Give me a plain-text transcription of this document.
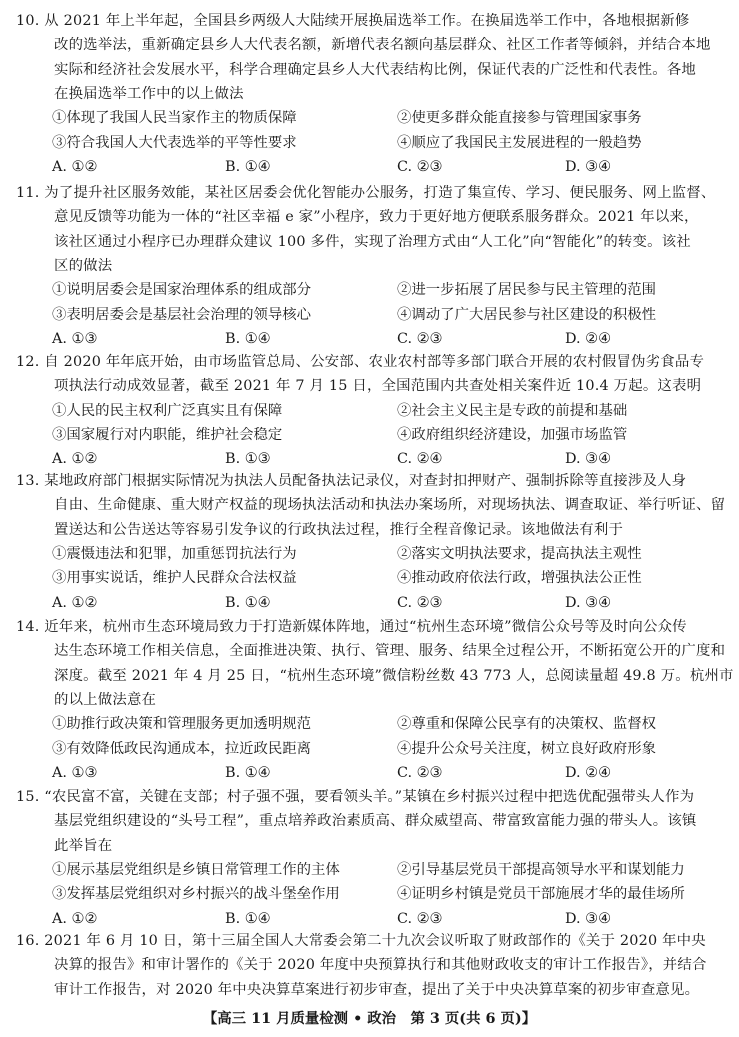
10. 从 2021 年上半年起，全国县乡两级人大陆续开展换届选举工作。在换届选举工作中，各地根据新修
改的选举法，重新确定县乡人大代表名额，新增代表名额向基层群众、社区工作者等倾斜，并结合本地
实际和经济社会发展水平，科学合理确定县乡人大代表结构比例，保证代表的广泛性和代表性。各地
在换届选举工作中的以上做法
①体现了我国人民当家作主的物质保障	②使更多群众能直接参与管理国家事务
③符合我国人大代表选举的平等性要求	④顺应了我国民主发展进程的一般趋势
A. ①②	B. ①④	C. ②③	D. ③④
11. 为了提升社区服务效能，某社区居委会优化智能办公服务，打造了集宣传、学习、便民服务、网上监督、
意见反馈等功能为一体的“社区幸福 e 家”小程序，致力于更好地方便联系服务群众。2021 年以来，
该社区通过小程序已办理群众建议 100 多件，实现了治理方式由“人工化”向“智能化”的转变。该社
区的做法
①说明居委会是国家治理体系的组成部分	②进一步拓展了居民参与民主管理的范围
③表明居委会是基层社会治理的领导核心	④调动了广大居民参与社区建设的积极性
A. ①③	B. ①④	C. ②③	D. ②④
12. 自 2020 年年底开始，由市场监管总局、公安部、农业农村部等多部门联合开展的农村假冒伪劣食品专
项执法行动成效显著，截至 2021 年 7 月 15 日，全国范围内共查处相关案件近 10.4 万起。这表明
①人民的民主权利广泛真实且有保障	②社会主义民主是专政的前提和基础
③国家履行对内职能，维护社会稳定	④政府组织经济建设，加强市场监管
A. ①②	B. ①③	C. ②④	D. ③④
13. 某地政府部门根据实际情况为执法人员配备执法记录仪，对查封扣押财产、强制拆除等直接涉及人身
自由、生命健康、重大财产权益的现场执法活动和执法办案场所，对现场执法、调查取证、举行听证、留
置送达和公告送达等容易引发争议的行政执法过程，推行全程音像记录。该地做法有利于
①震慑违法和犯罪，加重惩罚抗法行为	②落实文明执法要求，提高执法主观性
③用事实说话，维护人民群众合法权益	④推动政府依法行政，增强执法公正性
A. ①②	B. ①④	C. ②③	D. ③④
14. 近年来，杭州市生态环境局致力于打造新媒体阵地，通过“杭州生态环境”微信公众号等及时向公众传
达生态环境工作相关信息，全面推进决策、执行、管理、服务、结果全过程公开，不断拓宽公开的广度和
深度。截至 2021 年 4 月 25 日，“杭州生态环境”微信粉丝数 43 773 人，总阅读量超 49.8 万。杭州市
的以上做法意在
①助推行政决策和管理服务更加透明规范	②尊重和保障公民享有的决策权、监督权
③有效降低政民沟通成本，拉近政民距离	④提升公众号关注度，树立良好政府形象
A. ①③	B. ①④	C. ②③	D. ②④
15. “农民富不富，关键在支部；村子强不强，要看领头羊。”某镇在乡村振兴过程中把选优配强带头人作为
基层党组织建设的“头号工程”，重点培养政治素质高、群众威望高、带富致富能力强的带头人。该镇
此举旨在
①展示基层党组织是乡镇日常管理工作的主体	②引导基层党员干部提高领导水平和谋划能力
③发挥基层党组织对乡村振兴的战斗堡垒作用	④证明乡村镇是党员干部施展才华的最佳场所
A. ①②	B. ①④	C. ②③	D. ③④
16. 2021 年 6 月 10 日，第十三届全国人大常委会第二十九次会议听取了财政部作的《关于 2020 年中央
决算的报告》和审计署作的《关于 2020 年度中央预算执行和其他财政收支的审计工作报告》，并结合
审计工作报告，对 2020 年中央决算草案进行初步审查，提出了关于中央决算草案的初步审查意见。
【高三 11 月质量检测 • 政治　第 3 页(共 6 页)】
